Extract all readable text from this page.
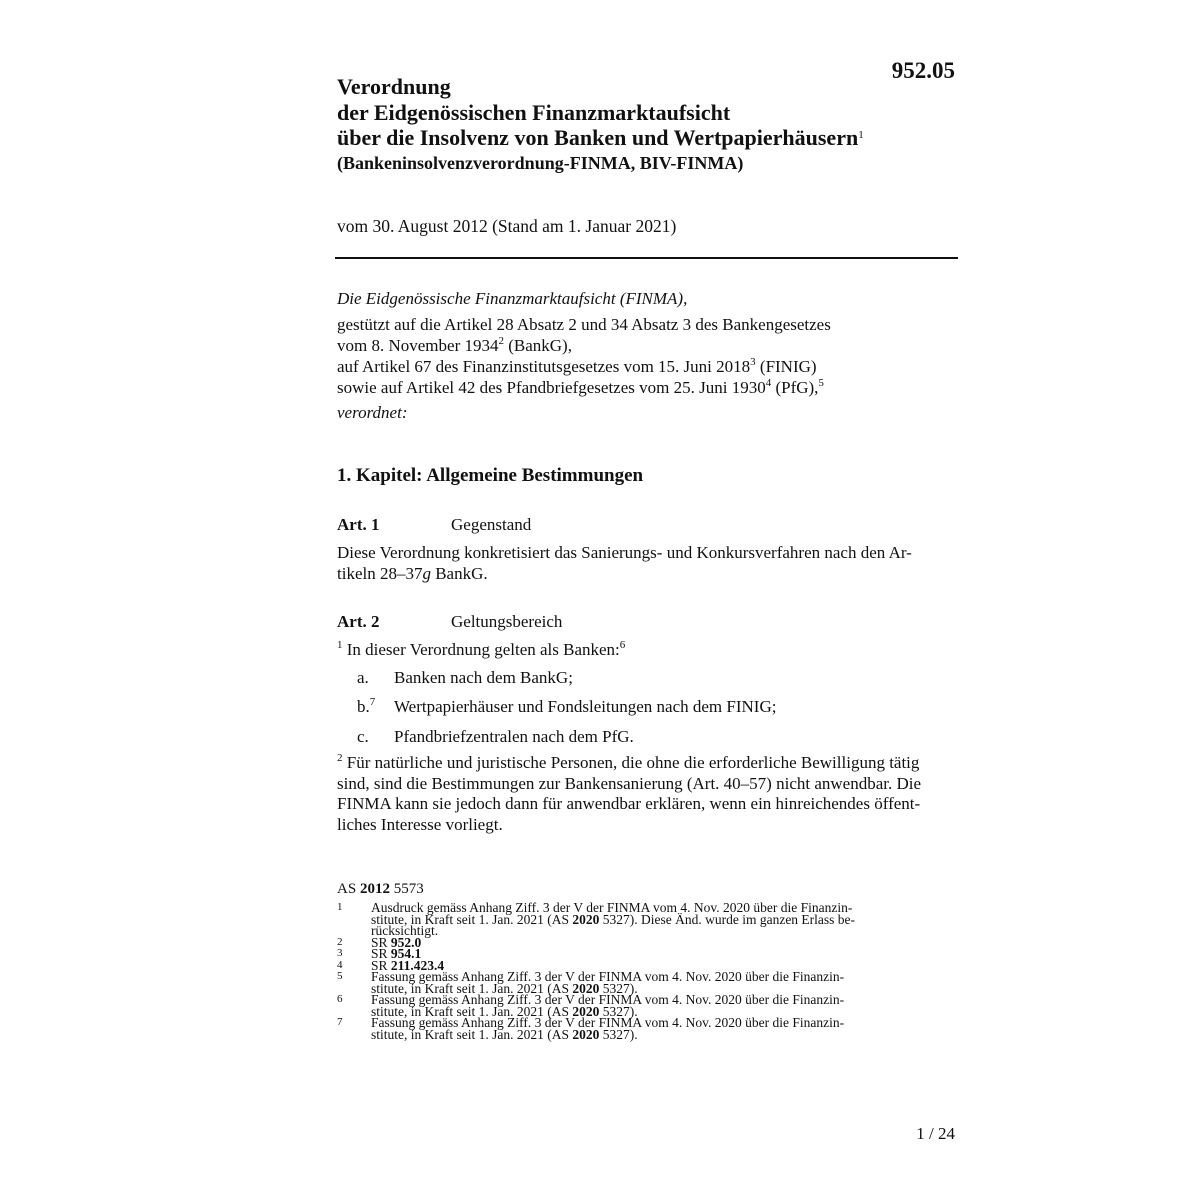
952.05
Verordnung
der Eidgenössischen Finanzmarktaufsicht
über die Insolvenz von Banken und Wertpapierhäusern$^1$
(Bankeninsolvenzverordnung-FINMA, BIV-FINMA)
vom 30. August 2012 (Stand am 1. Januar 2021)
Die Eidgenössische Finanzmarktaufsicht (FINMA),
gestützt auf die Artikel 28 Absatz 2 und 34 Absatz 3 des Bankengesetzes
vom 8. November 1934$^2$ (BankG),
auf Artikel 67 des Finanzinstitutsgesetzes vom 15. Juni 2018$^3$ (FINIG)
sowie auf Artikel 42 des Pfandbriefgesetzes vom 25. Juni 1930$^4$ (PfG),$^5$
verordnet:
1. Kapitel: Allgemeine Bestimmungen
Art. 1	Gegenstand
Diese Verordnung konkretisiert das Sanierungs- und Konkursverfahren nach den Ar-
tikeln 28–37g BankG.
Art. 2	Geltungsbereich
$^1$ In dieser Verordnung gelten als Banken:$^6$
a. Banken nach dem BankG;
b.$^7$ Wertpapierhäuser und Fondsleitungen nach dem FINIG;
c. Pfandbriefzentralen nach dem PfG.
$^2$ Für natürliche und juristische Personen, die ohne die erforderliche Bewilligung tätig
sind, sind die Bestimmungen zur Bankensanierung (Art. 40–57) nicht anwendbar. Die
FINMA kann sie jedoch dann für anwendbar erklären, wenn ein hinreichendes öffent-
liches Interesse vorliegt.
AS 2012 5573
1	Ausdruck gemäss Anhang Ziff. 3 der V der FINMA vom 4. Nov. 2020 über die Finanzin-
stitute, in Kraft seit 1. Jan. 2021 (AS 2020 5327). Diese Änd. wurde im ganzen Erlass be-
rücksichtigt.
2	SR 952.0
3	SR 954.1
4	SR 211.423.4
5	Fassung gemäss Anhang Ziff. 3 der V der FINMA vom 4. Nov. 2020 über die Finanzin-
stitute, in Kraft seit 1. Jan. 2021 (AS 2020 5327).
6	Fassung gemäss Anhang Ziff. 3 der V der FINMA vom 4. Nov. 2020 über die Finanzin-
stitute, in Kraft seit 1. Jan. 2021 (AS 2020 5327).
7	Fassung gemäss Anhang Ziff. 3 der V der FINMA vom 4. Nov. 2020 über die Finanzin-
stitute, in Kraft seit 1. Jan. 2021 (AS 2020 5327).
1 / 24
